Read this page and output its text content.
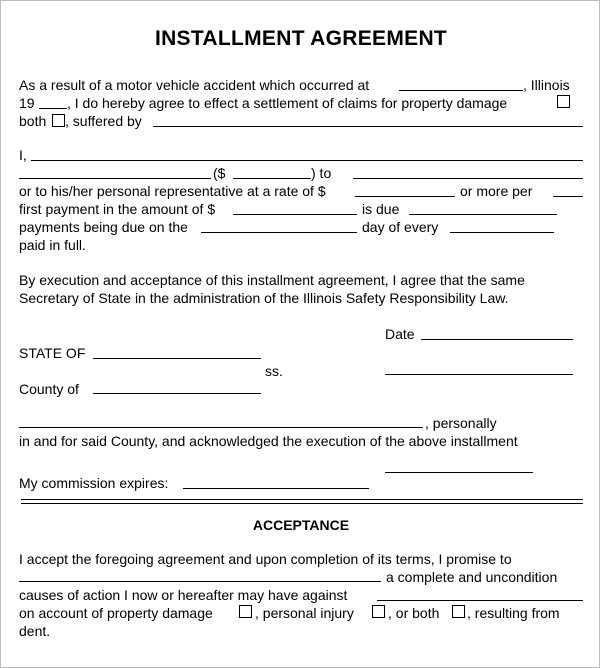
INSTALLMENT AGREEMENT
As a result of a motor vehicle accident which occurred at	, Illinois
19 , I do hereby agree to effect a settlement of claims for property damage
both , suffered by
I,
($	) to
or to his/her personal representative at a rate of $	or more per
first payment in the amount of $	is due
payments being due on the	day of every
paid in full.
By execution and acceptance of this installment agreement, I agree that the same
Secretary of State in the administration of the Illinois Safety Responsibility Law.
Date
STATE OF
ss.
County of
, personally
in and for said County, and acknowledged the execution of the above installment
My commission expires:
ACCEPTANCE
I accept the foregoing agreement and upon completion of its terms, I promise to
a complete and uncondition
causes of action I now or hereafter may have against
on account of property damage	, personal injury , or both , resulting from
dent.
